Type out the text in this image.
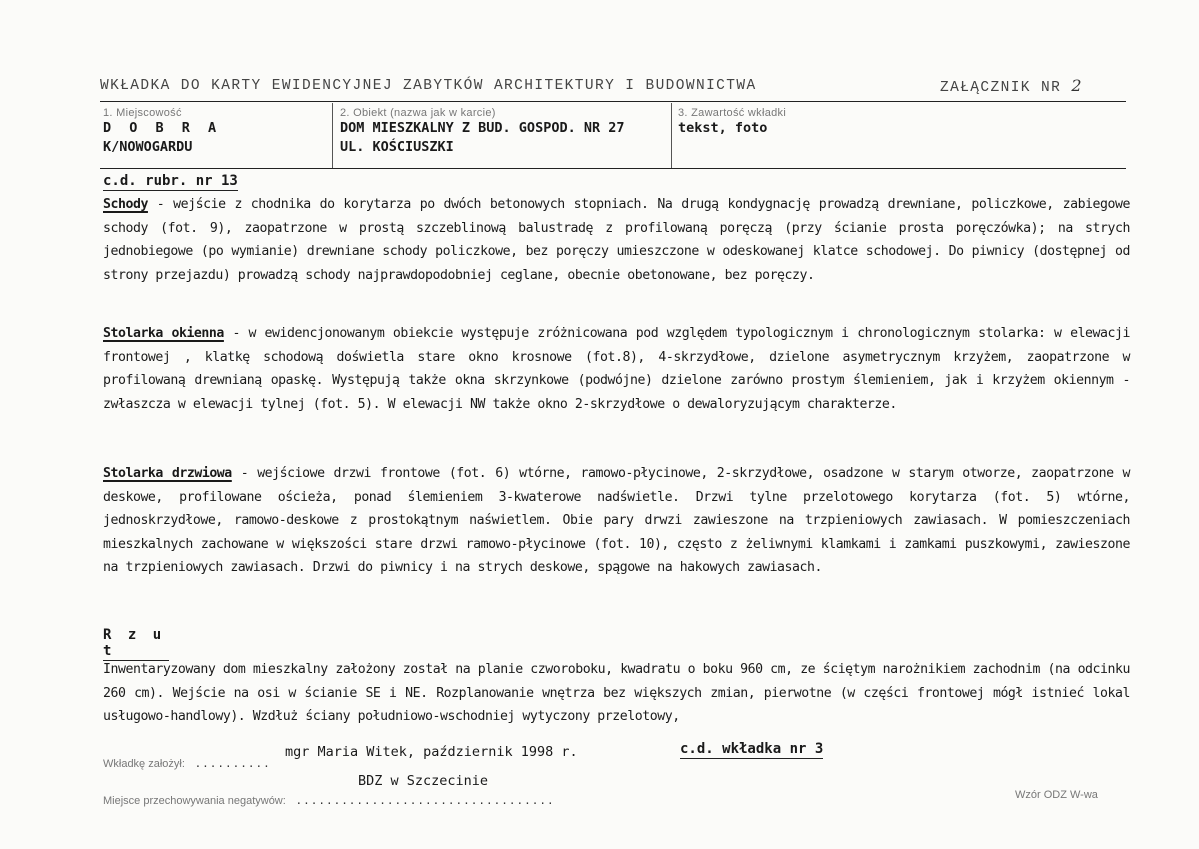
WKŁADKA DO KARTY EWIDENCYJNEJ ZABYTKÓW ARCHITEKTURY I BUDOWNICTWA	ZAŁĄCZNIK NR 2
1. Miejscowość
D O B R A
K/NOWOGARDU
2. Obiekt (nazwa jak w karcie)
DOM MIESZKALNY Z BUD. GOSPOD. NR 27
UL. KOŚCIUSZKI
3. Zawartość wkładki
tekst, foto
c.d. rubr. nr 13
Schody - wejście z chodnika do korytarza po dwóch betonowych stopniach. Na drugą kondygnację prowadzą drewniane, policzkowe, zabiegowe schody (fot. 9), zaopatrzone w prostą szczeblinową balustradę z profilowaną poręczą (przy ścianie prosta poręczówka); na strych jednobiegowe (po wymianie) drewniane schody policzkowe, bez poręczy umieszczone w odeskowanej klatce schodowej. Do piwnicy (dostępnej od strony przejazdu) prowadzą schody najprawdopodobniej ceglane, obecnie obetonowane, bez poręczy.
Stolarka okienna - w ewidencjonowanym obiekcie występuje zróżnicowana pod względem typologicznym i chronologicznym stolarka: w elewacji frontowej , klatkę schodową doświetla stare okno krosnowe (fot.8), 4-skrzydłowe, dzielone asymetrycznym krzyżem, zaopatrzone w profilowaną drewnianą opaskę. Występują także okna skrzynkowe (podwójne) dzielone zarówno prostym ślemieniem, jak i krzyżem okiennym - zwłaszcza w elewacji tylnej (fot. 5). W elewacji NW także okno 2-skrzydłowe o dewaloryzującym charakterze.
Stolarka drzwiowa - wejściowe drzwi frontowe (fot. 6) wtórne, ramowo-płycinowe, 2-skrzydłowe, osadzone w starym otworze, zaopatrzone w deskowe, profilowane ościeża, ponad ślemieniem 3-kwaterowe nadświetle. Drzwi tylne przelotowego korytarza (fot. 5) wtórne, jednoskrzydłowe, ramowo-deskowe z prostokątnym naświetlem. Obie pary drwzi zawieszone na trzpieniowych zawiasach. W pomieszczeniach mieszkalnych zachowane w większości stare drzwi ramowo-płycinowe (fot. 10), często z żeliwnymi klamkami i zamkami puszkowymi, zawieszone na trzpieniowych zawiasach. Drzwi do piwnicy i na strych deskowe, spągowe na hakowych zawiasach.
R z u t
Inwentaryzowany dom mieszkalny założony został na planie czworoboku, kwadratu o boku 960 cm, ze ściętym narożnikiem zachodnim (na odcinku 260 cm). Wejście na osi w ścianie SE i NE. Rozplanowanie wnętrza bez większych zmian, pierwotne (w części frontowej mógł istnieć lokal usługowo-handlowy). Wzdłuż ściany południowo-wschodniej wytyczony przelotowy,
Wkładkę założył: ..........
mgr Maria Witek, październik 1998 r.	c.d. wkładka nr 3
BDZ w Szczecinie
Miejsce przechowywania negatywów: ..................................	Wzór ODZ W-wa
